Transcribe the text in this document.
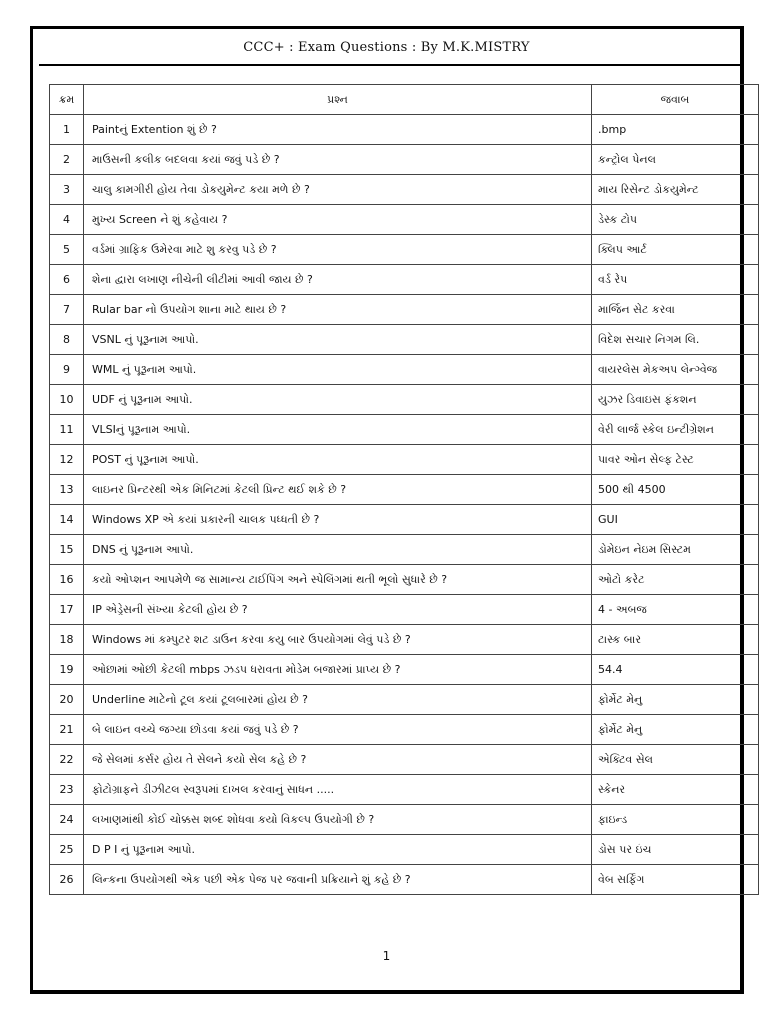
CCC+ : Exam Questions : By M.K.MISTRY
ક્રમ	પ્રશ્ન	જવાબ
1	Paintનું Extention શું છે ?	.bmp
2	માઉસની કલીક બદલવા કયાં જવું પડે છે ?	કન્ટ્રોલ પેનલ
3	ચાલુ કામગીરી હોય તેવા ડોકયુમેન્ટ કયા મળે છે ?	માય રિસેન્ટ ડોકયુમેન્ટ
4	મુખ્ય Screen ને શું કહેવાય ?	ડેસ્ક ટોપ
5	વર્ડમાં ગ્રાફિક ઉમેરવા માટે શુ કરવુ પડે છે ?	ક્લિપ આર્ટ
6	શેના દ્વારા લખાણ નીચેની લીટીમાં આવી જાય છે ?	વર્ડ રેપ
7	Rular bar નો ઉપયોગ શાના માટે થાય છે ?	માર્જિન સેટ કરવા
8	VSNL નું પૂરૂનામ આપો.	વિદેશ સચાર નિગમ લિ.
9	WML નું પૂરૂનામ આપો.	વાયરલેસ મેકઅપ લેન્ગ્વેજ
10	UDF નું પૂરૂનામ આપો.	યુઝર ડિવાઇસ ફંકશન
11	VLSIનું પૂરૂનામ આપો.	વેરી લાર્જ સ્કેલ ઇન્ટીગ્રેશન
12	POST નું પૂરૂનામ આપો.	પાવર ઓન સેલ્ફ ટેસ્ટ
13	લાઇનર પ્રિન્ટરથી એક મિનિટમાં કેટલી પ્રિન્ટ થઈ શકે છે ?	500 થી 4500
14	Windows XP એ કયાં પ્રકારની ચાલક પધ્ધતી છે ?	GUI
15	DNS નું પૂરૂનામ આપો.	ડોમેઇન નેઇમ સિસ્ટમ
16	કયો ઓપ્શન આપમેળે જ સામાન્ય ટાઈપિંગ અને સ્પેલિંગમાં થતી ભૂલો સુધારે છે ?	ઓટો કરેટ
17	IP એડ્રેસની સંખ્યા કેટલી હોય છે ?	4 - અબજ
18	Windows માં કમ્પુટર શટ ડાઉન કરવા કયુ બાર ઉપયોગમાં લેવું પડે છે ?	ટાસ્ક બાર
19	ઓછામાં ઓછી કેટલી mbps ઝડપ ધરાવતા મોડેમ બજારમાં પ્રાપ્ય છે ?	54.4
20	Underline માટેનો ટૂલ કયાં ટૂલબારમાં હોય છે ?	ફોર્મેટ મેનુ
21	બે લાઇન વચ્ચે જગ્યા છોડવા કયાં જવું પડે છે ?	ફોર્મેટ મેનુ
22	જે સેલમાં કર્સર હોય તે સેલને કયો સેલ કહે છે ?	એક્ટિવ સેલ
23	ફોટોગ્રાફને ડીઝીટલ સ્વરૂપમાં દાખલ કરવાનું સાધન .....	સ્કેનર
24	લખાણમાંથી કોઈ ચોક્કસ શબ્દ શોધવા કયો વિકલ્પ ઉપયોગી છે ?	ફાઇન્ડ
25	D P I નું પૂરૂનામ આપો.	ડોસ પર ઇંચ
26	લિન્કના ઉપયોગથી એક પછી એક પેજ પર જવાની પ્રક્રિયાને શું કહે છે ?	વેબ સર્ફિંગ
1
